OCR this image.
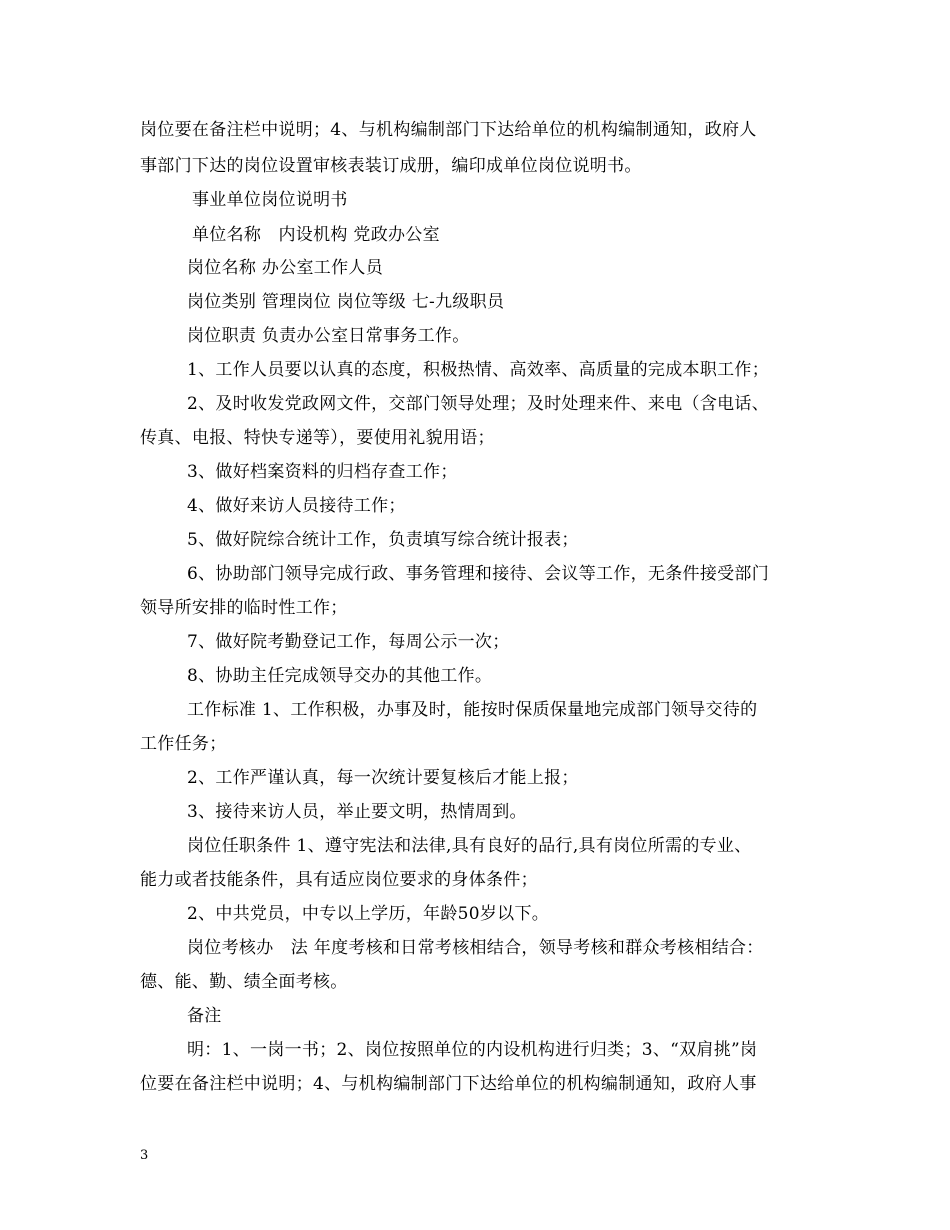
岗位要在备注栏中说明；4、与机构编制部门下达给单位的机构编制通知，政府人
事部门下达的岗位设置审核表装订成册，编印成单位岗位说明书。
事业单位岗位说明书
单位名称　内设机构 党政办公室
岗位名称 办公室工作人员
岗位类别 管理岗位 岗位等级 七-九级职员
岗位职责 负责办公室日常事务工作。
1、工作人员要以认真的态度，积极热情、高效率、高质量的完成本职工作；
2、及时收发党政网文件，交部门领导处理；及时处理来件、来电（含电话、
传真、电报、特快专递等），要使用礼貌用语；
3、做好档案资料的归档存查工作；
4、做好来访人员接待工作；
5、做好院综合统计工作，负责填写综合统计报表；
6、协助部门领导完成行政、事务管理和接待、会议等工作，无条件接受部门
领导所安排的临时性工作；
7、做好院考勤登记工作，每周公示一次；
8、协助主任完成领导交办的其他工作。
工作标准 1、工作积极，办事及时，能按时保质保量地完成部门领导交待的
工作任务；
2、工作严谨认真，每一次统计要复核后才能上报；
3、接待来访人员，举止要文明，热情周到。
岗位任职条件 1、遵守宪法和法律,具有良好的品行,具有岗位所需的专业、
能力或者技能条件，具有适应岗位要求的身体条件；
2、中共党员，中专以上学历，年龄50岁以下。
岗位考核办　法 年度考核和日常考核相结合，领导考核和群众考核相结合：
德、能、勤、绩全面考核。
备注
明：1、一岗一书；2、岗位按照单位的内设机构进行归类；3、“双肩挑”岗
位要在备注栏中说明；4、与机构编制部门下达给单位的机构编制通知，政府人事
3
